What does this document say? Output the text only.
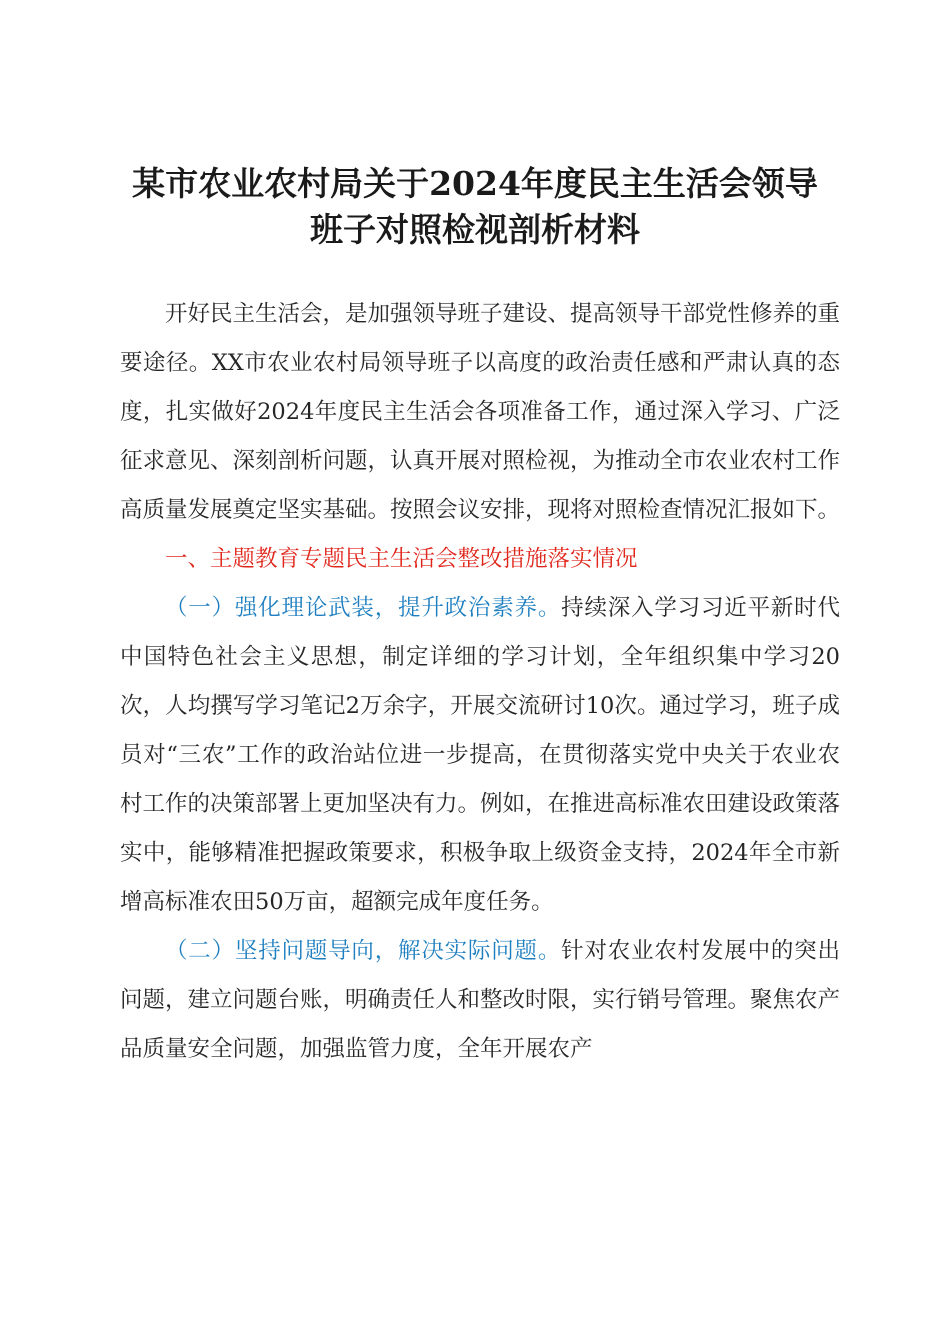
某市农业农村局关于2024年度民主生活会领导
班子对照检视剖析材料

开好民主生活会，是加强领导班子建设、提高领导干部党性修养的重要途径。XX市农业农村局领导班子以高度的政治责任感和严肃认真的态度，扎实做好2024年度民主生活会各项准备工作，通过深入学习、广泛征求意见、深刻剖析问题，认真开展对照检视，为推动全市农业农村工作高质量发展奠定坚实基础。按照会议安排，现将对照检查情况汇报如下。

一、主题教育专题民主生活会整改措施落实情况

（一）强化理论武装，提升政治素养。持续深入学习习近平新时代中国特色社会主义思想，制定详细的学习计划，全年组织集中学习20次，人均撰写学习笔记2万余字，开展交流研讨10次。通过学习，班子成员对“三农”工作的政治站位进一步提高，在贯彻落实党中央关于农业农村工作的决策部署上更加坚决有力。例如，在推进高标准农田建设政策落实中，能够精准把握政策要求，积极争取上级资金支持，2024年全市新增高标准农田50万亩，超额完成年度任务。

（二）坚持问题导向，解决实际问题。针对农业农村发展中的突出问题，建立问题台账，明确责任人和整改时限，实行销号管理。聚焦农产品质量安全问题，加强监管力度，全年开展农产
